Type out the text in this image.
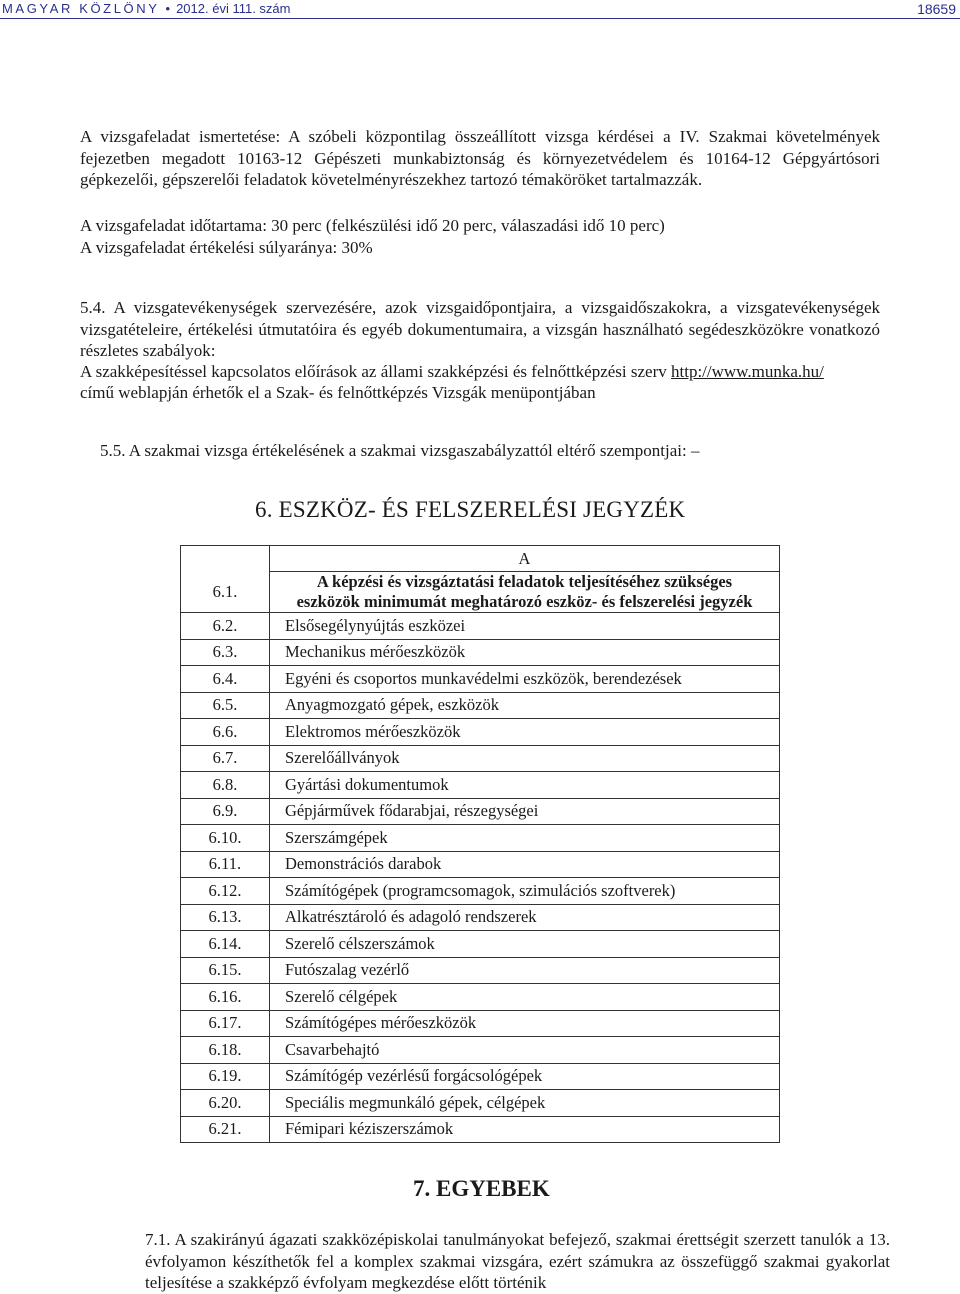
MAGYAR KÖZLÖNY • 2012. évi 111. szám	18659
A vizsgafeladat ismertetése: A szóbeli központilag összeállított vizsga kérdései a IV. Szakmai követelmények fejezetben megadott 10163-12 Gépészeti munkabiztonság és környezetvédelem és 10164-12 Gépgyártósori gépkezelői, gépszerelői feladatok követelményrészekhez tartozó témaköröket tartalmazzák.
A vizsgafeladat időtartama: 30 perc (felkészülési idő 20 perc, válaszadási idő 10 perc)
A vizsgafeladat értékelési súlyaránya: 30%
5.4. A vizsgatevékenységek szervezésére, azok vizsgaidőpontjaira, a vizsgaidőszakokra, a vizsgatevékenységek vizsgatételeire, értékelési útmutatóira és egyéb dokumentumaira, a vizsgán használható segédeszközökre vonatkozó részletes szabályok:
A szakképesítéssel kapcsolatos előírások az állami szakképzési és felnőttképzési szerv http://www.munka.hu/
című weblapján érhetők el a Szak- és felnőttképzés Vizsgák menüpontjában
5.5. A szakmai vizsga értékelésének a szakmai vizsgaszabályzattól eltérő szempontjai: –
6. ESZKÖZ- ÉS FELSZERELÉSI JEGYZÉK
	A
6.1.	A képzési és vizsgáztatási feladatok teljesítéséhez szükséges
eszközök minimumát meghatározó eszköz- és felszerelési jegyzék

6.2.	Elsősegélynyújtás eszközei
6.3.	Mechanikus mérőeszközök
6.4.	Egyéni és csoportos munkavédelmi eszközök, berendezések
6.5.	Anyagmozgató gépek, eszközök
6.6.	Elektromos mérőeszközök
6.7.	Szerelőállványok
6.8.	Gyártási dokumentumok
6.9.	Gépjárművek fődarabjai, részegységei
6.10.	Szerszámgépek
6.11.	Demonstrációs darabok
6.12.	Számítógépek (programcsomagok, szimulációs szoftverek)
6.13.	Alkatrésztároló és adagoló rendszerek
6.14.	Szerelő célszerszámok
6.15.	Futószalag vezérlő
6.16.	Szerelő célgépek
6.17.	Számítógépes mérőeszközök
6.18.	Csavarbehajtó
6.19.	Számítógép vezérlésű forgácsológépek
6.20.	Speciális megmunkáló gépek, célgépek
6.21.	Fémipari kéziszerszámok
7. EGYEBEK
7.1. A szakirányú ágazati szakközépiskolai tanulmányokat befejező, szakmai érettségit szerzett tanulók a 13. évfolyamon készíthetők fel a komplex szakmai vizsgára, ezért számukra az összefüggő szakmai gyakorlat teljesítése a szakképző évfolyam megkezdése előtt történik
